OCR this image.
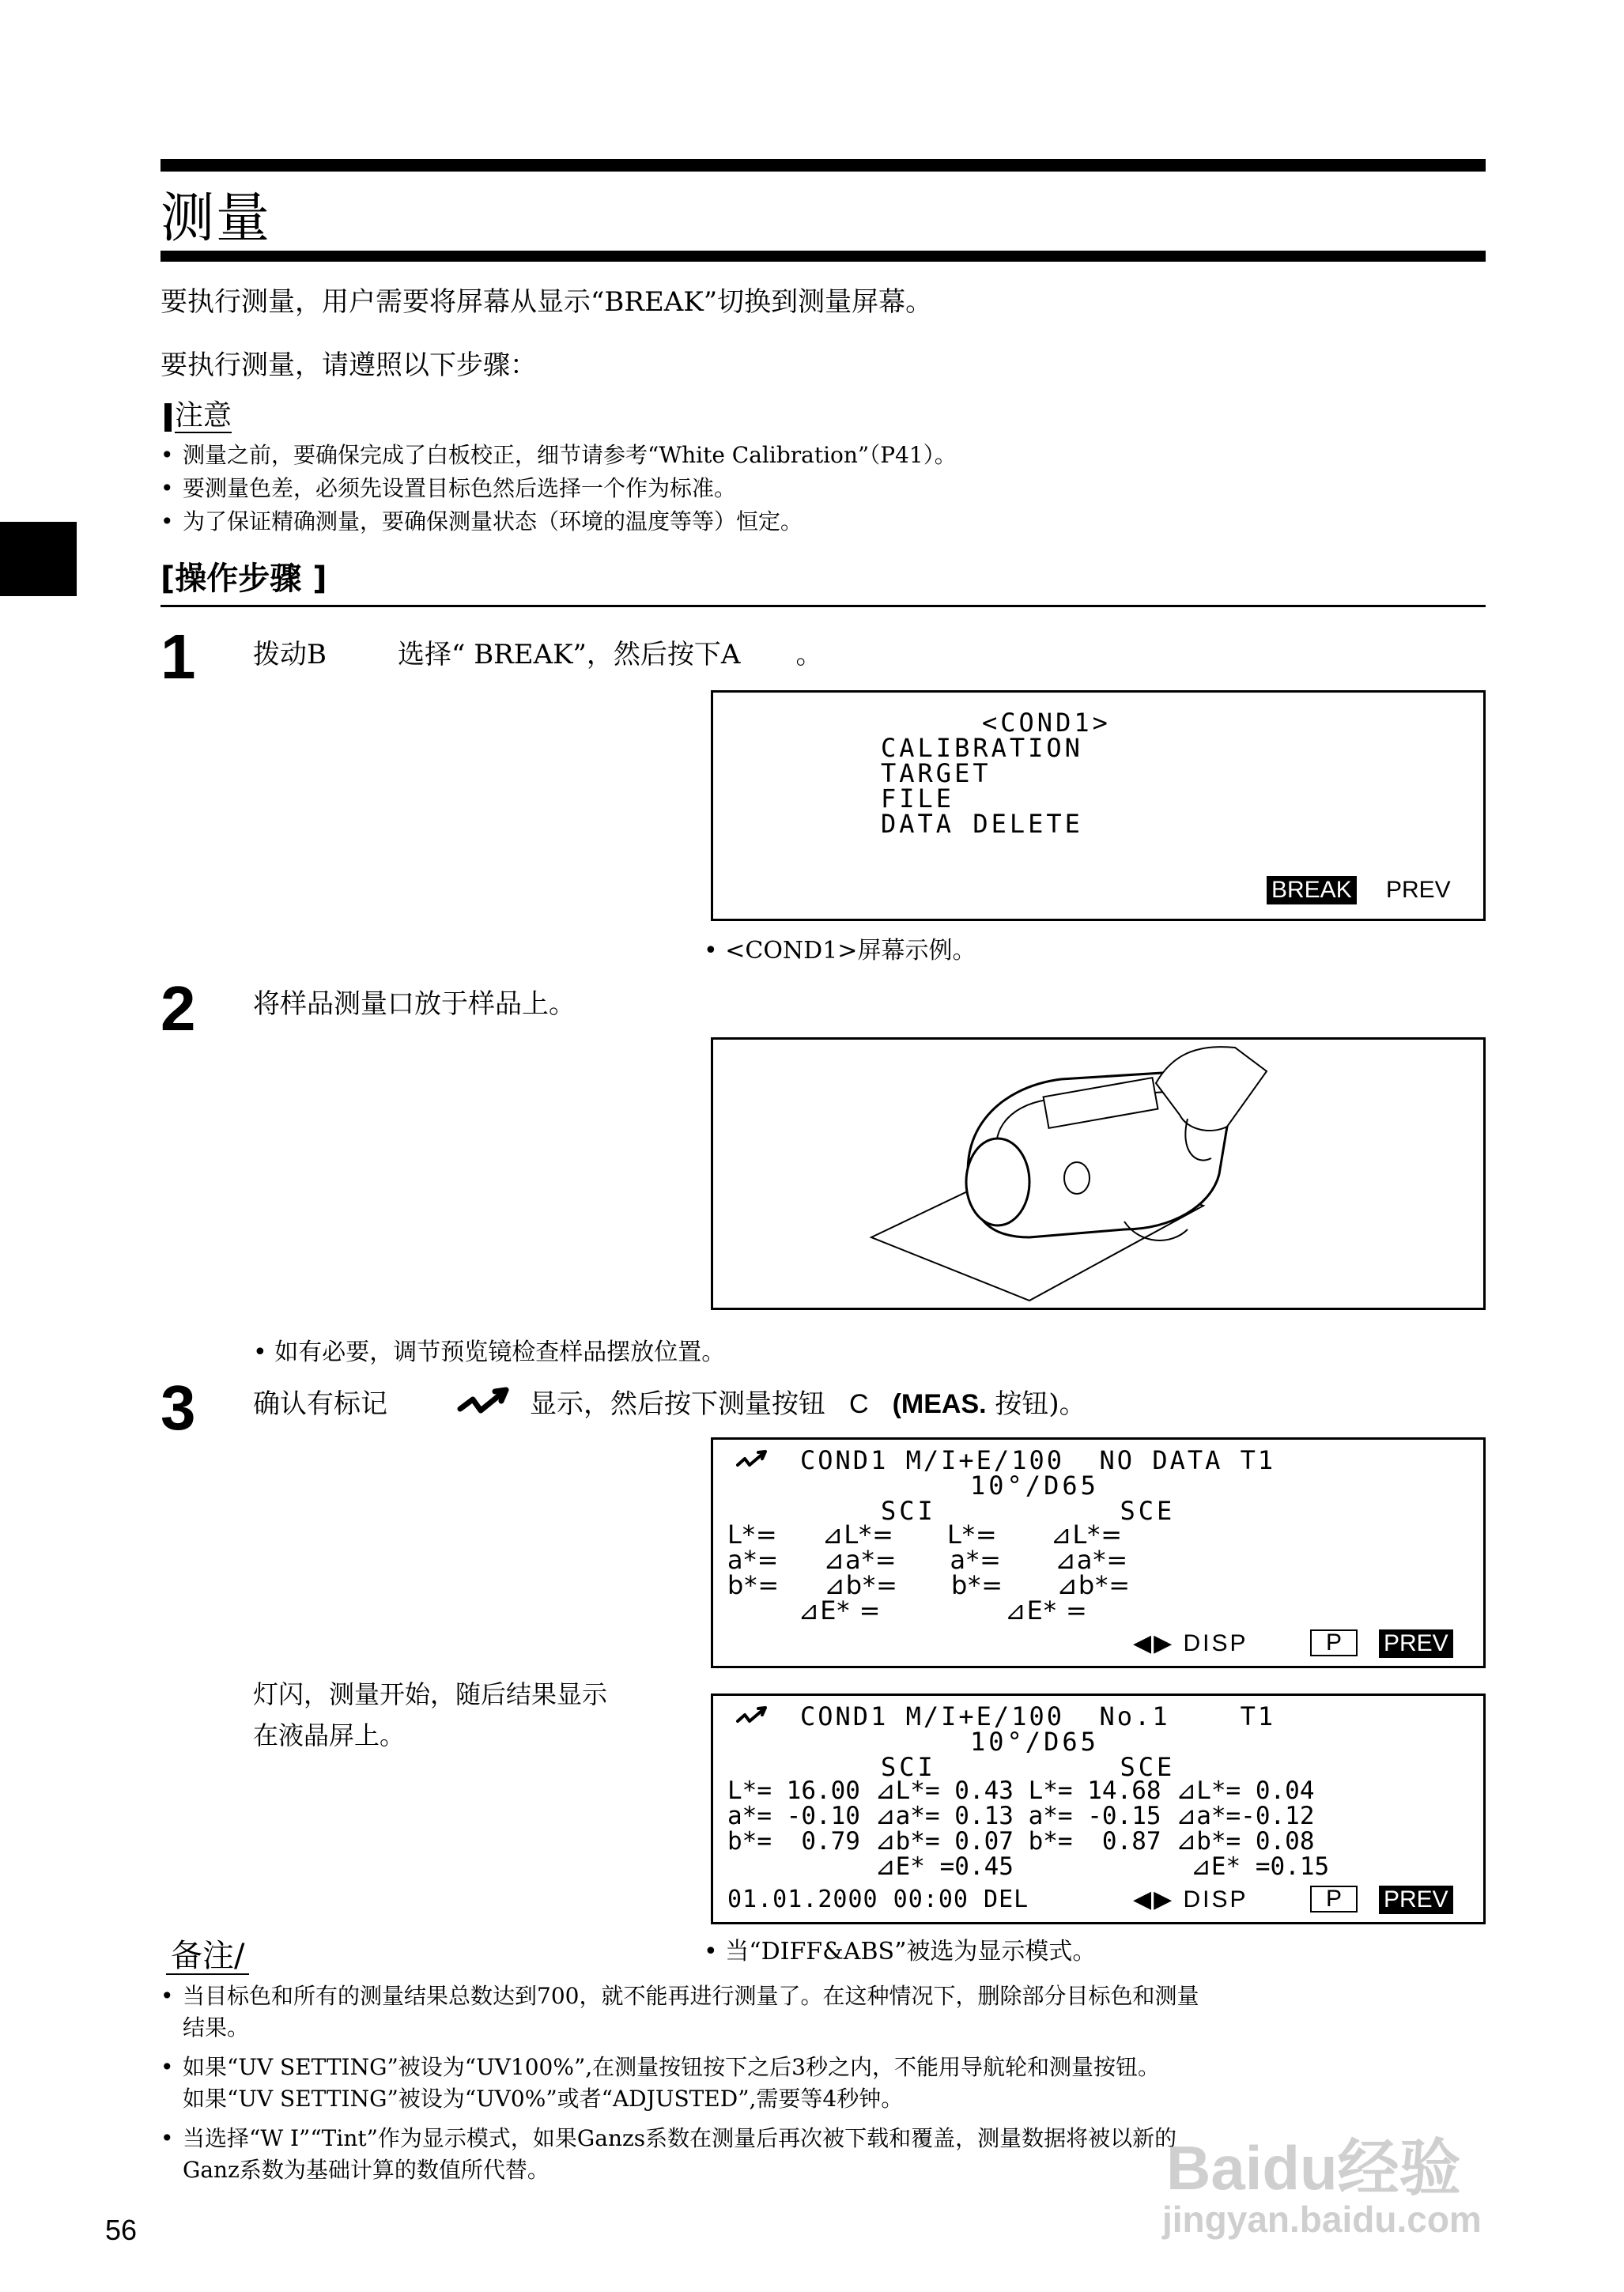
测量
要执行测量，用户需要将屏幕从显示“BREAK”切换到测量屏幕。
要执行测量，请遵照以下步骤：
注意
• 测量之前，要确保完成了白板校正，细节请参考“White Calibration”（P41）。
• 要测量色差，必须先设置目标色然后选择一个作为标准。
• 为了保证精确测量，要确保测量状态（环境的温度等等）恒定。
[操作步骤 ]
1 拨动B	选择“ BREAK”，然后按下A 。
<COND1>
CALIBRATION
TARGET
FILE
DATA DELETE
BREAK PREV
• <COND1>屏幕示例。
2 将样品测量口放于样品上。
• 如有必要，调节预览镜检查样品摆放位置。
3 确认有标记	显示，然后按下测量按钮 C (MEAS. 按钮)。
COND1 M/I+E/100  NO DATA T1
10°/D65
SCI          SCE
L*=     ⊿L*=      L*=      ⊿L*=
a*=     ⊿a*=      a*=      ⊿a*=
b*=     ⊿b*=      b*=      ⊿b*=
⊿E* =              ⊿E* =
◀▶ DISP	P	PREV
灯闪，测量开始，随后结果显示
在液晶屏上。
COND1 M/I+E/100  No.1    T1
10°/D65
SCI          SCE
L*= 16.00 ⊿L*= 0.43 L*= 14.68 ⊿L*= 0.04
a*= -0.10 ⊿a*= 0.13 a*= -0.15 ⊿a*=-0.12
b*=  0.79 ⊿b*= 0.07 b*=  0.87 ⊿b*= 0.08
⊿E* =0.45            ⊿E* =0.15
01.01.2000 00:00 DEL	◀▶ DISP	P	PREV
• 当“DIFF&ABS”被选为显示模式。
备注/
• 当目标色和所有的测量结果总数达到700，就不能再进行测量了。在这种情况下，删除部分目标色和测量
结果。
• 如果“UV SETTING”被设为“UV100%”,在测量按钮按下之后3秒之内，不能用导航轮和测量按钮。
如果“UV SETTING”被设为“UV0%”或者“ADJUSTED”,需要等4秒钟。
• 当选择“W I”“Tint”作为显示模式，如果Ganzs系数在测量后再次被下载和覆盖，测量数据将被以新的
Ganz系数为基础计算的数值所代替。
56
Baidu经验
jingyan.baidu.com
